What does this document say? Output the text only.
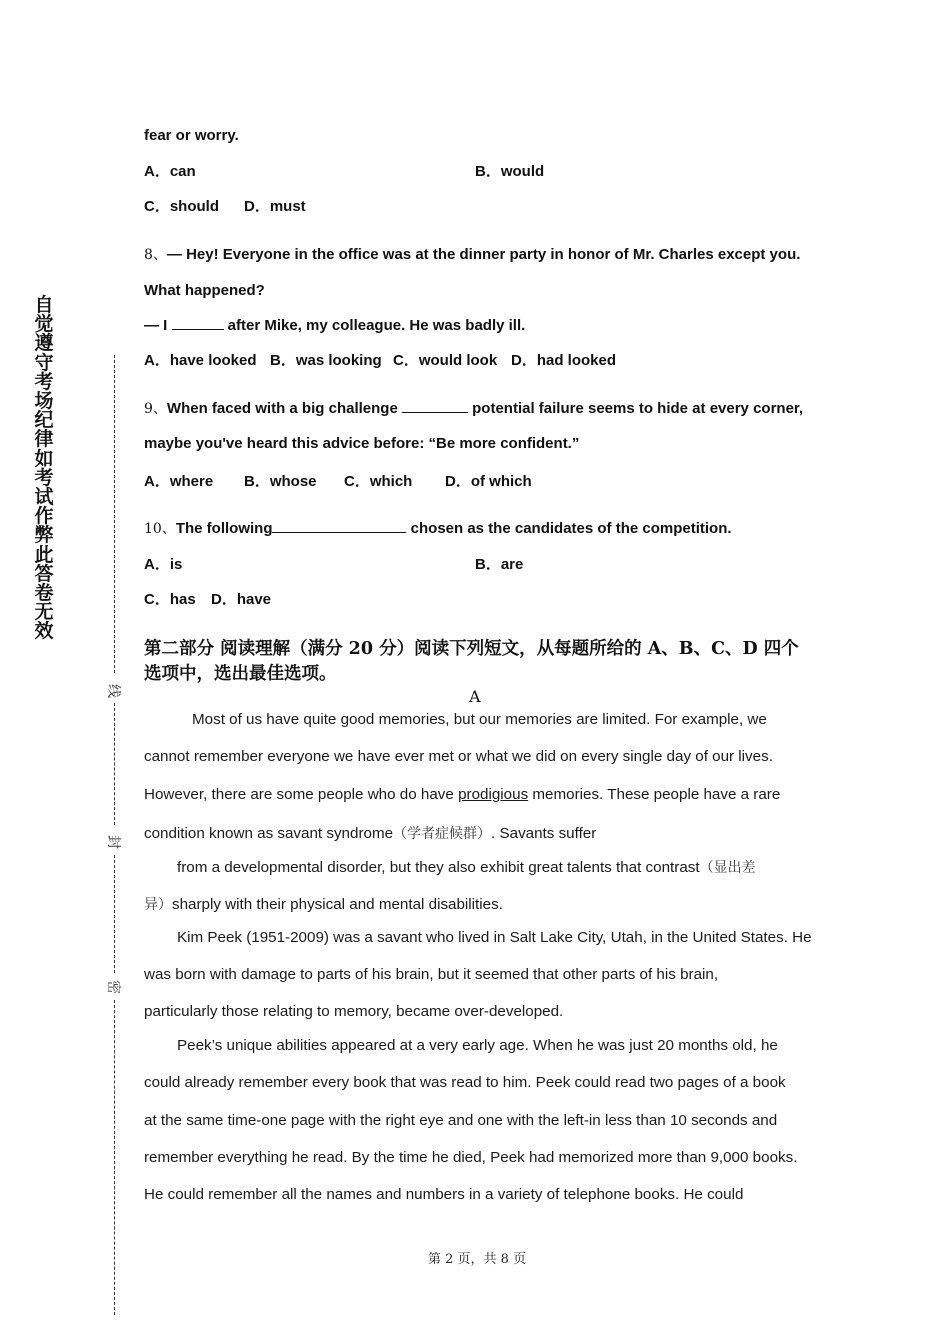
自
觉
遵
守
考
场
纪
律
如
考
试
作
弊
此
答
卷
无
效
线
封
密
fear or worry.
A．can	B．would
C．should D．must
8、— Hey! Everyone in the office was at the dinner party in honor of Mr. Charles except you.
What happened?
— I	after Mike, my colleague. He was badly ill.
A．have looked B．was looking C．would look D．had looked
9、When faced with a big challenge	potential failure seems to hide at every corner,
maybe you've heard this advice before: “Be more confident.”
A．where B．whose C．which D．of which
10、The following	chosen as the candidates of the competition.
A．is	B．are
C．has D．have
第二部分 阅读理解（满分 20 分）阅读下列短文，从每题所给的 A、B、C、D 四个
选项中，选出最佳选项。
A
Most of us have quite good memories, but our memories are limited. For example, we
cannot remember everyone we have ever met or what we did on every single day of our lives.
However, there are some people who do have prodigious memories. These people have a rare
condition known as savant syndrome（学者症候群）. Savants suffer
from a developmental disorder, but they also exhibit great talents that contrast（显出差
异）sharply with their physical and mental disabilities.
Kim Peek (1951-2009) was a savant who lived in Salt Lake City, Utah, in the United States. He
was born with damage to parts of his brain, but it seemed that other parts of his brain,
particularly those relating to memory, became over-developed.
Peek’s unique abilities appeared at a very early age. When he was just 20 months old, he
could already remember every book that was read to him. Peek could read two pages of a book
at the same time-one page with the right eye and one with the left-in less than 10 seconds and
remember everything he read. By the time he died, Peek had memorized more than 9,000 books.
He could remember all the names and numbers in a variety of telephone books. He could
第 2 页，共 8 页
